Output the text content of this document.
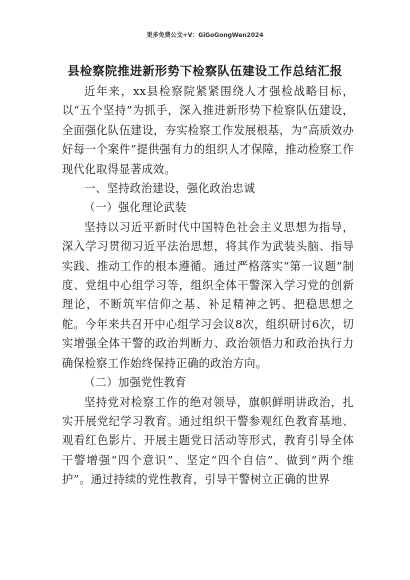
更多免费公文+V：GiGoGongWen2024
县检察院推进新形势下检察队伍建设工作总结汇报

近年来，xx县检察院紧紧围绕人才强检战略目标，以“五个坚持”为抓手，深入推进新形势下检察队伍建设，全面强化队伍建设，夯实检察工作发展根基，为“高质效办好每一个案件”提供强有力的组织人才保障，推动检察工作现代化取得显著成效。

一、坚持政治建设，强化政治忠诚

（一）强化理论武装

坚持以习近平新时代中国特色社会主义思想为指导，深入学习贯彻习近平法治思想，将其作为武装头脑、指导实践、推动工作的根本遵循。通过严格落实“第一议题”制度、党组中心组学习等，组织全体干警深入学习党的创新理论，不断筑牢信仰之基、补足精神之钙、把稳思想之舵。今年来共召开中心组学习会议8次，组织研讨6次，切实增强全体干警的政治判断力、政治领悟力和政治执行力确保检察工作始终保持正确的政治方向。

（二）加强党性教育

坚持党对检察工作的绝对领导，旗帜鲜明讲政治，扎实开展党纪学习教育。通过组织干警参观红色教育基地、观看红色影片、开展主题党日活动等形式，教育引导全体干警增强“四个意识”、坚定“四个自信”、做到“两个维护”。通过持续的党性教育，引导干警树立正确的世界
